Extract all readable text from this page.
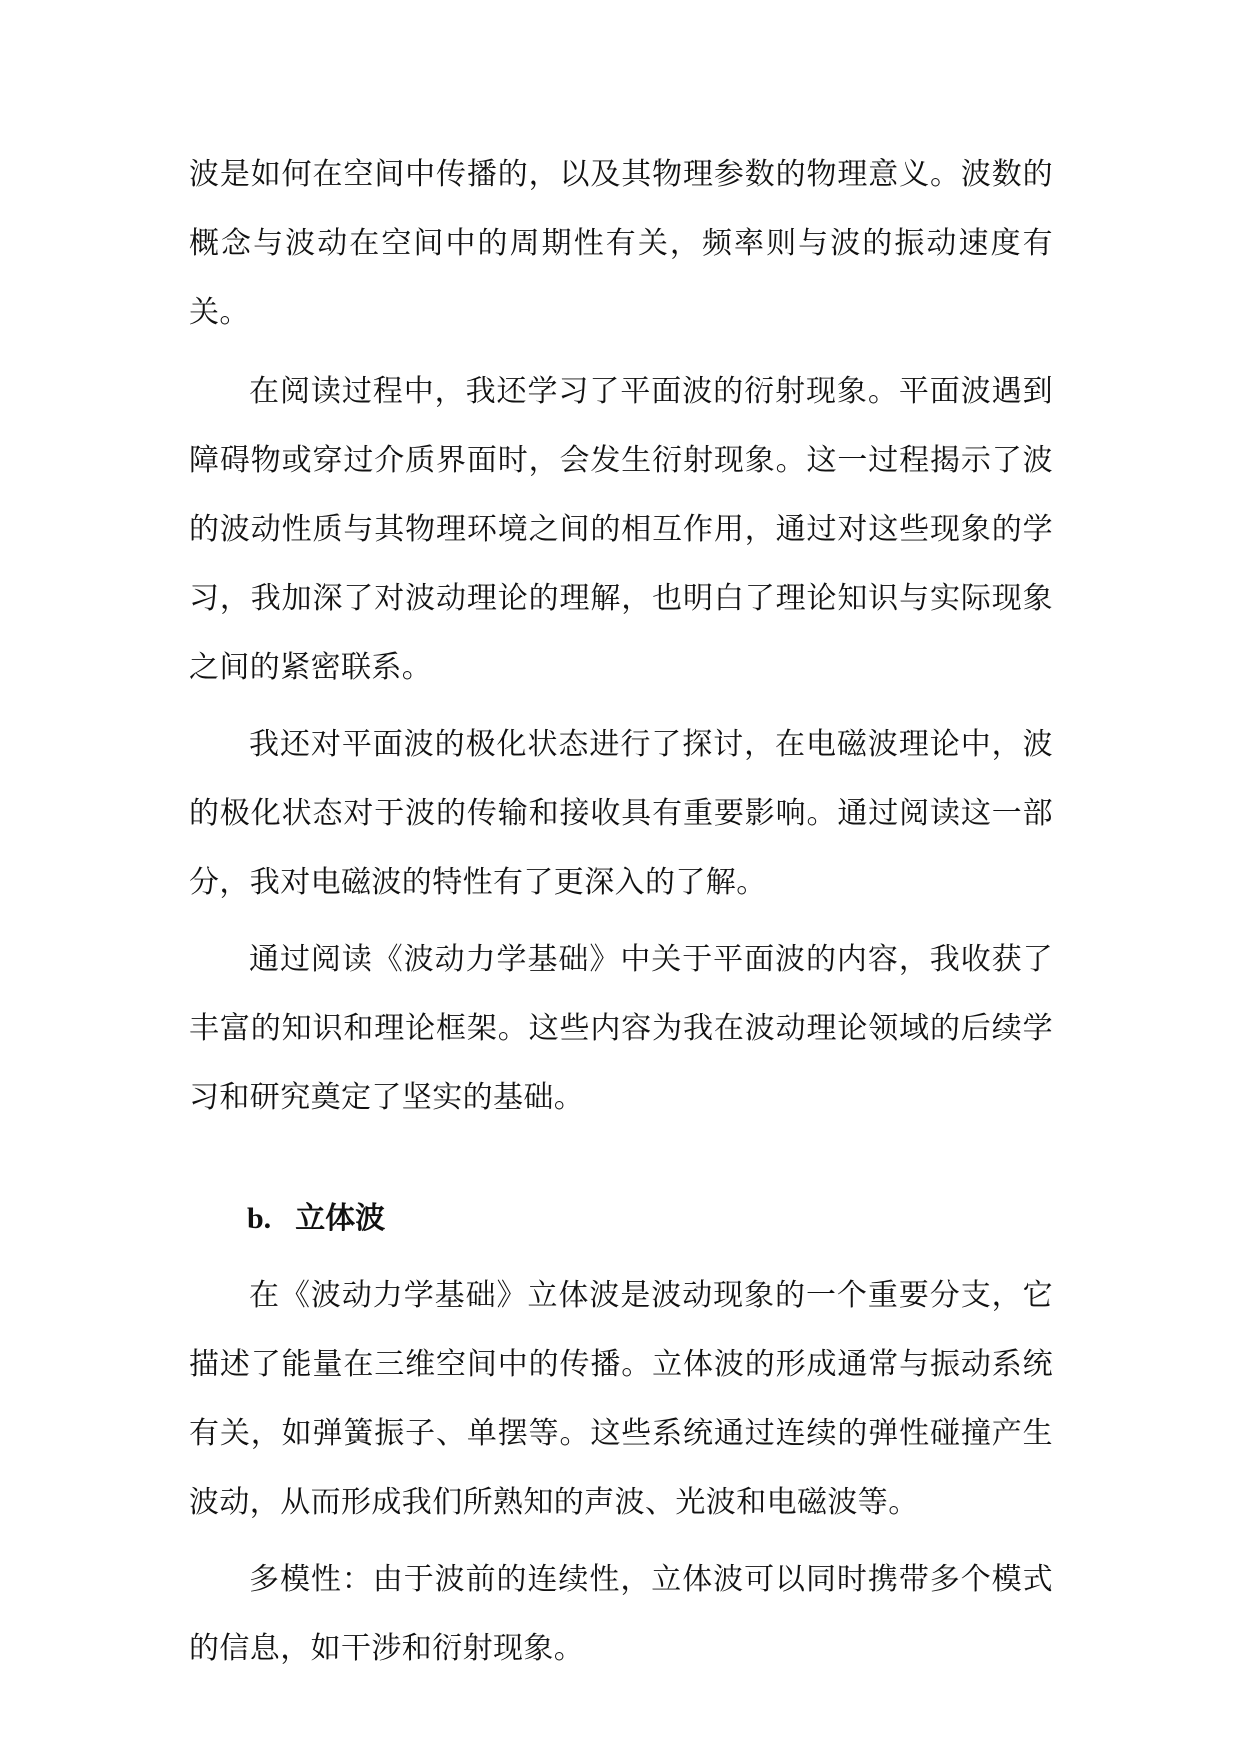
波是如何在空间中传播的，以及其物理参数的物理意义。波数的概念与波动在空间中的周期性有关，频率则与波的振动速度有关。

在阅读过程中，我还学习了平面波的衍射现象。平面波遇到障碍物或穿过介质界面时，会发生衍射现象。这一过程揭示了波的波动性质与其物理环境之间的相互作用，通过对这些现象的学习，我加深了对波动理论的理解，也明白了理论知识与实际现象之间的紧密联系。

我还对平面波的极化状态进行了探讨，在电磁波理论中，波的极化状态对于波的传输和接收具有重要影响。通过阅读这一部分，我对电磁波的特性有了更深入的了解。

通过阅读《波动力学基础》中关于平面波的内容，我收获了丰富的知识和理论框架。这些内容为我在波动理论领域的后续学习和研究奠定了坚实的基础。

b. 立体波

在《波动力学基础》立体波是波动现象的一个重要分支，它描述了能量在三维空间中的传播。立体波的形成通常与振动系统有关，如弹簧振子、单摆等。这些系统通过连续的弹性碰撞产生波动，从而形成我们所熟知的声波、光波和电磁波等。

多模性：由于波前的连续性，立体波可以同时携带多个模式的信息，如干涉和衍射现象。
